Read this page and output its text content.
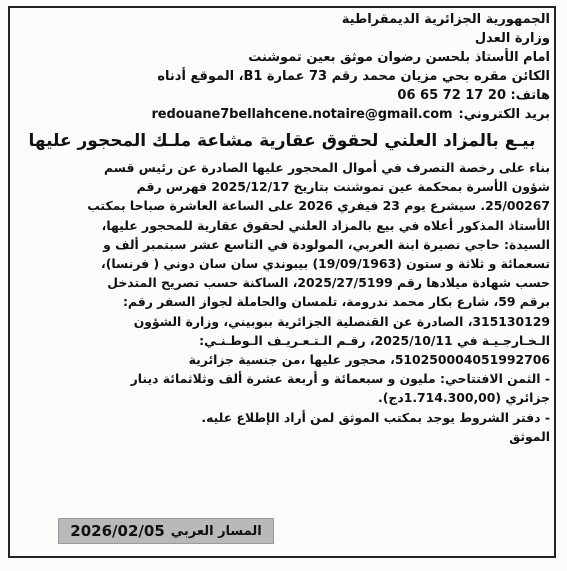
الجمهورية الجزائرية الديمقراطية
وزارة العدل
امام الأستاذ بلحسن رضوان موثق بعين تموشنت
الكائن مقره بحي مزيان محمد رقم 73 عمارة B1، الموقع أدناه
هاتف: 20 17 72 65 06
بريد الكتروني:
redouane7bellahcene.notaire@gmail.com
بيـع بالمزاد العلني لحقوق عقارية مشاعة ملـك المحجور عليها
بناء على رخصة التصرف في أموال المحجور عليها الصادرة عن رئيس قسم
شؤون الأسرة بمحكمة عين تموشنت بتاريخ 2025/12/17 فهرس رقم
25/00267. سيشرع يوم 23 فيفري 2026 على الساعة العاشرة صباحا بمكتب
الأستاذ المذكور أعلاه في بيع بالمزاد العلني لحقوق عقارية للمحجور عليها،
السيدة: حاجي نصيرة ابنة العربي، المولودة في التاسع عشر سبتمبر ألف و
تسعمائة و ثلاثة و ستون (19/09/1963) بيبوندي سان سان دوني ( فرنسا)،
حسب شهادة ميلادها رقم 2025/27/5199، الساكنة حسب تصريح المتدخل
برقم 59، شارع بكار محمد ندرومة، تلمسان والحاملة لجواز السفر رقم:
315130129، الصادرة عن القنصلية الجزائرية ببوبيني، وزارة الشؤون
الـخـارجـيـة في 2025/10/11، رقـم الـتـعـريـف الـوطـنـي:
510250004051992706، محجور عليها ،من جنسية جزائرية
- الثمن الافتتاحي: مليون و سبعمائة و أربعة عشرة ألف وثلاثمائة دينار
جزائري (1.714.300,00دج).
- دفتر الشروط يوجد بمكتب الموثق لمن أراد الإطلاع عليه.
الموثق
المسار العربي
2026/02/05
